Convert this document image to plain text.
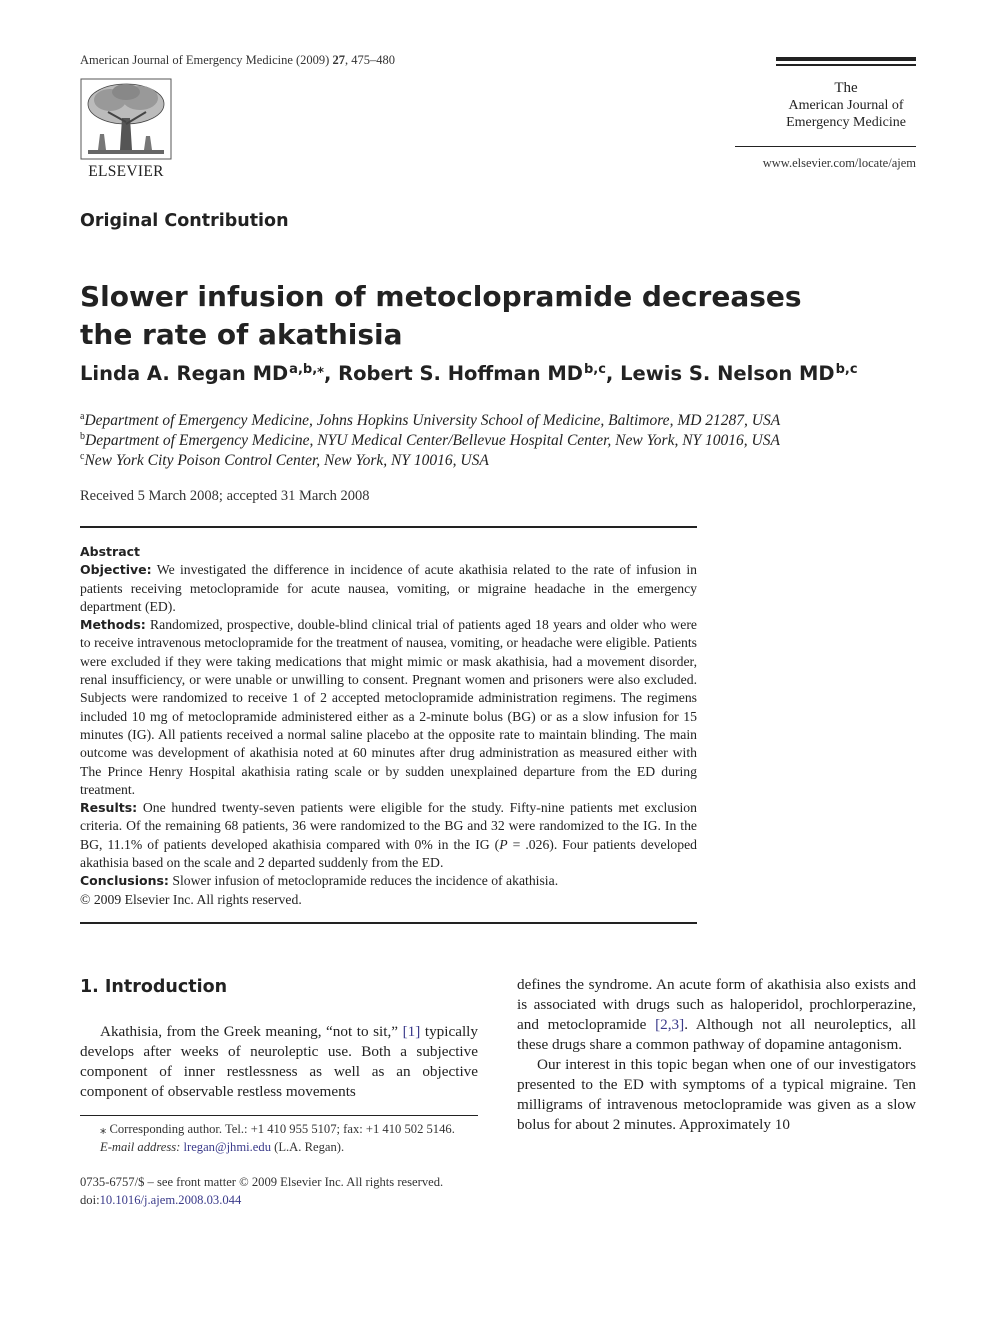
American Journal of Emergency Medicine (2009) 27, 475–480
ELSEVIER
The
American Journal of
Emergency Medicine
www.elsevier.com/locate/ajem
Original Contribution
Slower infusion of metoclopramide decreases the rate of akathisia
Linda A. Regan $MD^{a,b,⁎}$, Robert S. Hoffman MD$^{b,c}$, Lewis S. Nelson MD$^{b,c}$
$^a$Department of Emergency Medicine, Johns Hopkins University School of Medicine, Baltimore, MD 21287, USA
$^b$Department of Emergency Medicine, NYU Medical Center/Bellevue Hospital Center, New York, NY 10016, USA
$^c$New York City Poison Control Center, New York, NY 10016, USA
Received 5 March 2008; accepted 31 March 2008

Abstract

Objective: We investigated the difference in incidence of acute akathisia related to the rate of infusion in patients receiving metoclopramide for acute nausea, vomiting, or migraine headache in the emergency department (ED).

Methods: Randomized, prospective, double-blind clinical trial of patients aged 18 years and older who were to receive intravenous metoclopramide for the treatment of nausea, vomiting, or headache were eligible. Patients were excluded if they were taking medications that might mimic or mask akathisia, had a movement disorder, renal insufficiency, or were unable or unwilling to consent. Pregnant women and prisoners were also excluded. Subjects were randomized to receive 1 of 2 accepted metoclopramide administration regimens. The regimens included 10 mg of metoclopramide administered either as a 2-minute bolus (BG) or as a slow infusion for 15 minutes (IG). All patients received a normal saline placebo at the opposite rate to maintain blinding. The main outcome was development of akathisia noted at 60 minutes after drug administration as measured either with The Prince Henry Hospital akathisia rating scale or by sudden unexplained departure from the ED during treatment.

Results: One hundred twenty-seven patients were eligible for the study. Fifty-nine patients met exclusion criteria. Of the remaining 68 patients, 36 were randomized to the BG and 32 were randomized to the IG. In the BG, 11.1% of patients developed akathisia compared with 0% in the IG (P = .026). Four patients developed akathisia based on the scale and 2 departed suddenly from the ED.

Conclusions: Slower infusion of metoclopramide reduces the incidence of akathisia.

© 2009 Elsevier Inc. All rights reserved.

1. Introduction

Akathisia, from the Greek meaning, “not to sit,” [1] typically develops after weeks of neuroleptic use. Both a subjective component of inner restlessness as well as an objective component of observable restless movements

defines the syndrome. An acute form of akathisia also exists and is associated with drugs such as haloperidol, prochlorperazine, and metoclopramide [2,3]. Although not all neuroleptics, all these drugs share a common pathway of dopamine antagonism.

Our interest in this topic began when one of our investigators presented to the ED with symptoms of a typical migraine. Ten milligrams of intravenous metoclopramide was given as a slow bolus for about 2 minutes. Approximately 10

⁎ Corresponding author. Tel.: +1 410 955 5107; fax: +1 410 502 5146.
E-mail address: lregan@jhmi.edu (L.A. Regan).
0735-6757/$ – see front matter © 2009 Elsevier Inc. All rights reserved.
doi:10.1016/j.ajem.2008.03.044
